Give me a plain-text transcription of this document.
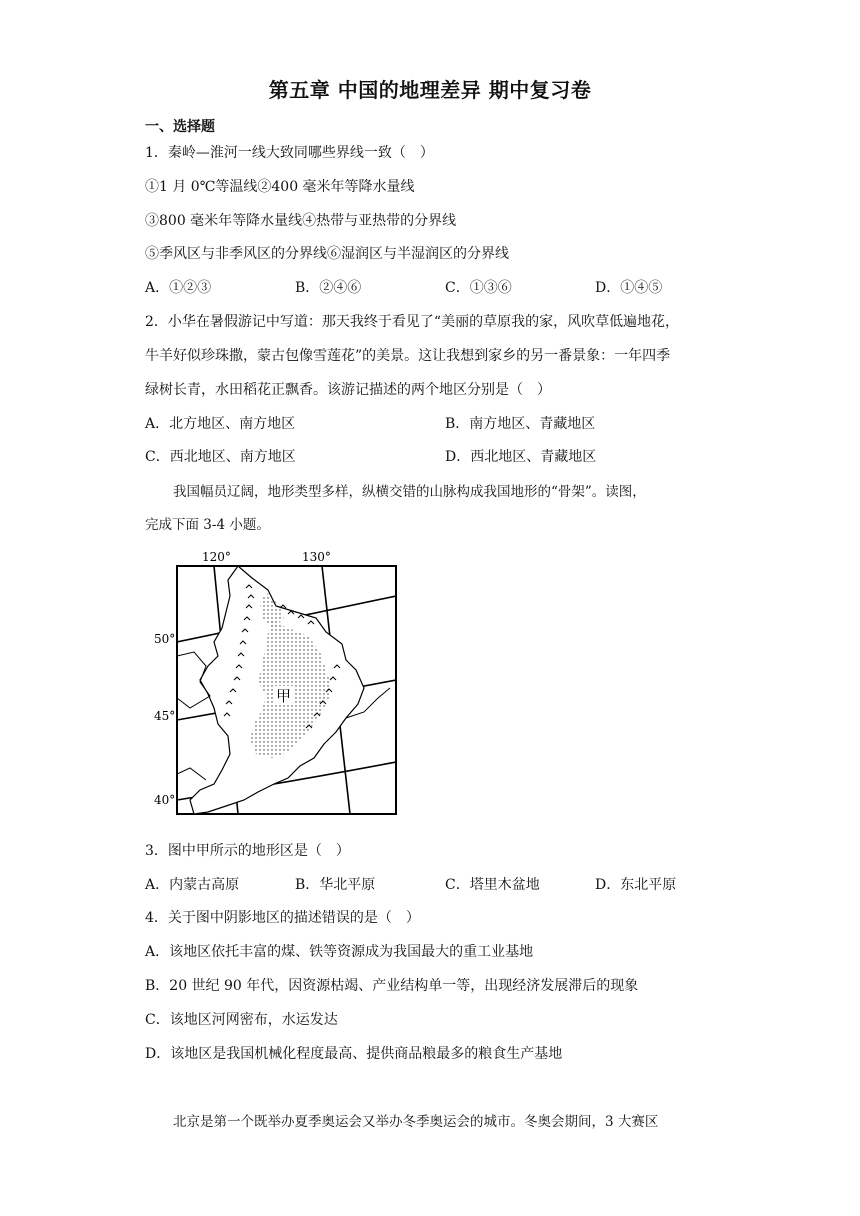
第五章 中国的地理差异 期中复习卷
一、选择题
1．秦岭—淮河一线大致同哪些界线一致（　）
①1 月 0℃等温线②400 毫米年等降水量线
③800 毫米年等降水量线④热带与亚热带的分界线
⑤季风区与非季风区的分界线⑥湿润区与半湿润区的分界线
A．①②③	B．②④⑥	C．①③⑥	D．①④⑤
2．小华在暑假游记中写道：那天我终于看见了“美丽的草原我的家，风吹草低遍地花，
牛羊好似珍珠撒，蒙古包像雪莲花”的美景。这让我想到家乡的另一番景象：一年四季
绿树长青，水田稻花正飘香。该游记描述的两个地区分别是（　）
A．北方地区、南方地区	B．南方地区、青藏地区
C．西北地区、南方地区	D．西北地区、青藏地区
我国幅员辽阔，地形类型多样，纵横交错的山脉构成我国地形的“骨架”。读图，
完成下面 3-4 小题。
120°	130°
50°
45°
40°
甲
3．图中甲所示的地形区是（　）
A．内蒙古高原	B．华北平原	C．塔里木盆地	D．东北平原
4．关于图中阴影地区的描述错误的是（　）
A．该地区依托丰富的煤、铁等资源成为我国最大的重工业基地
B．20 世纪 90 年代，因资源枯竭、产业结构单一等，出现经济发展滞后的现象
C．该地区河网密布，水运发达
D．该地区是我国机械化程度最高、提供商品粮最多的粮食生产基地
北京是第一个既举办夏季奥运会又举办冬季奥运会的城市。冬奥会期间，3 大赛区
